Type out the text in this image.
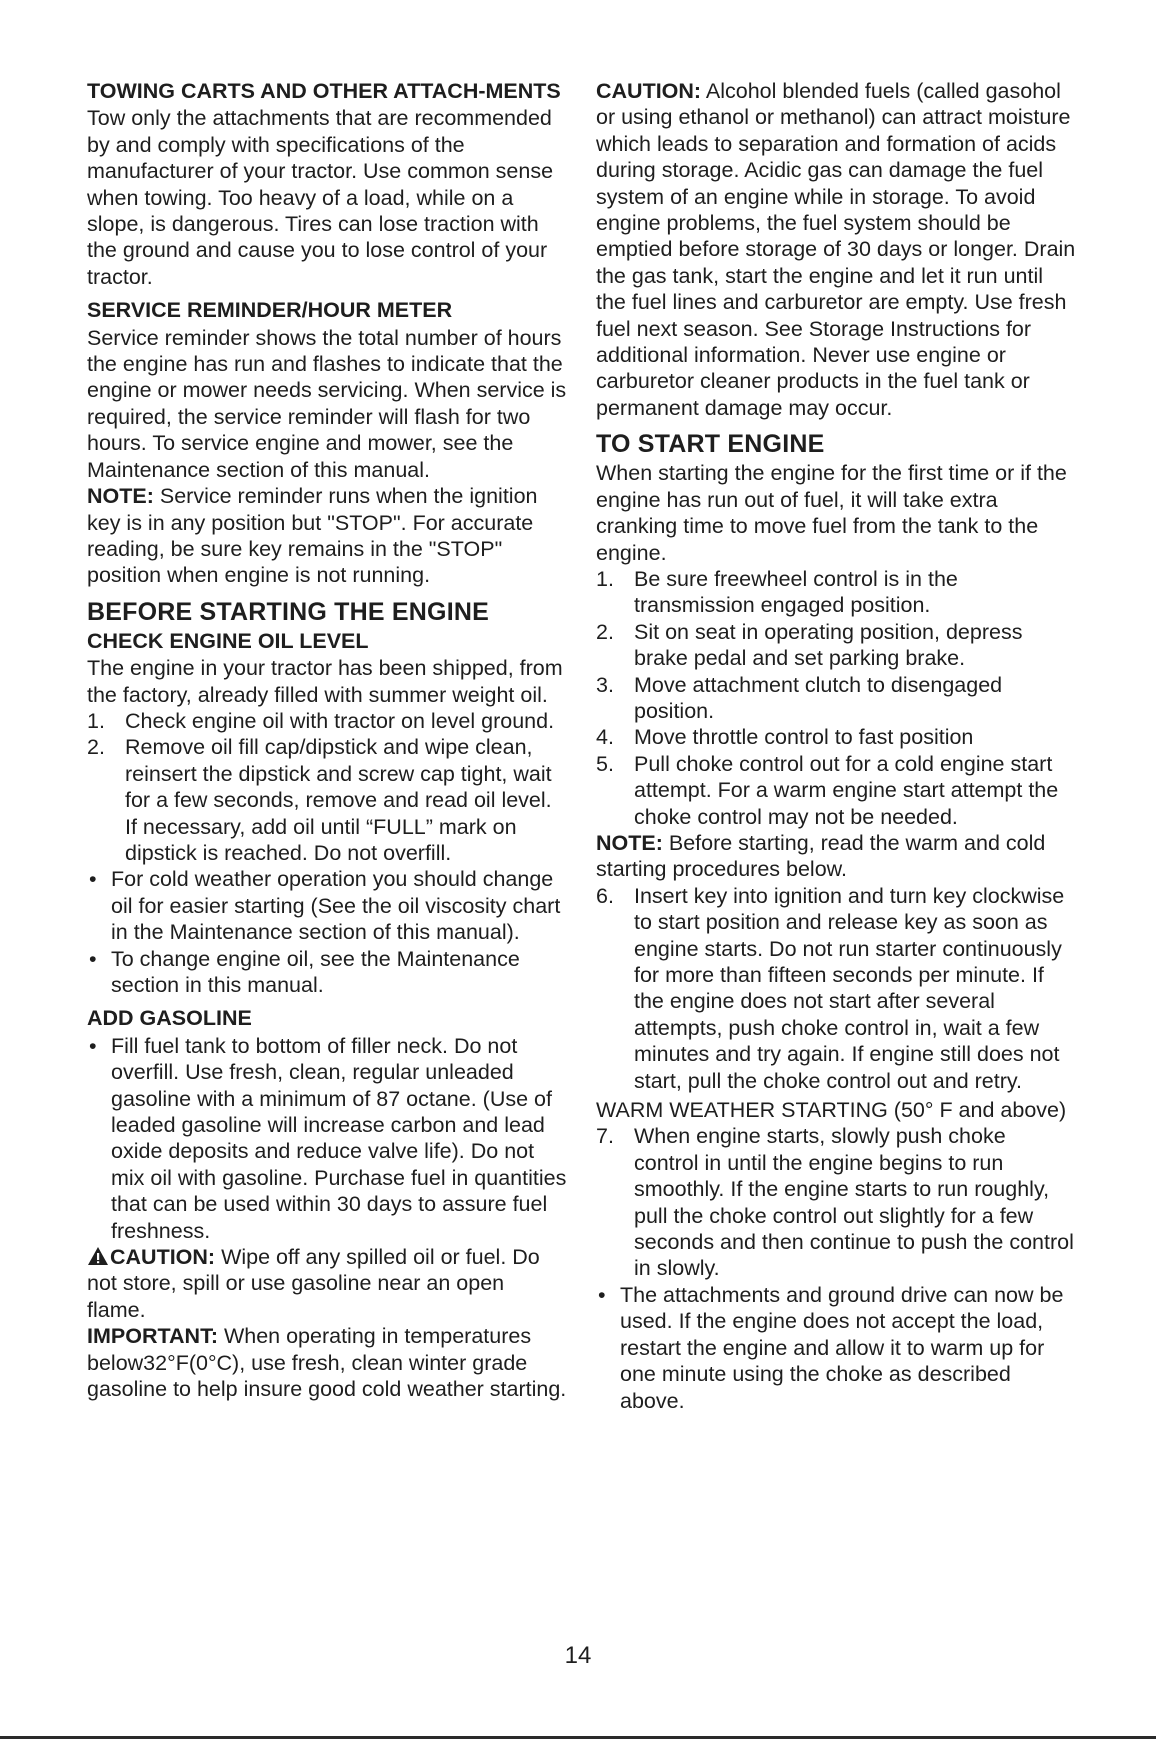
TOWING CARTS AND OTHER ATTACH-MENTS

Tow only the attachments that are recommended by and comply with specifications of the manufacturer of your tractor. Use common sense when towing. Too heavy of a load, while on a slope, is dangerous. Tires can lose traction with the ground and cause you to lose control of your tractor.

SERVICE REMINDER/HOUR METER

Service reminder shows the total number of hours the engine has run and flashes to indicate that the engine or mower needs servicing. When service is required, the service reminder will flash for two hours. To service engine and mower, see the Maintenance section of this manual.

NOTE: Service reminder runs when the ignition key is in any position but "STOP". For accurate reading, be sure key remains in the "STOP" position when engine is not running.

BEFORE STARTING THE ENGINE
CHECK ENGINE OIL LEVEL

The engine in your tractor has been shipped, from the factory, already filled with summer weight oil.

1. Check engine oil with tractor on level ground.
2. Remove oil fill cap/dipstick and wipe clean, reinsert the dipstick and screw cap tight, wait for a few seconds, remove and read oil level. If necessary, add oil until “FULL” mark on dipstick is reached. Do not overfill.
• For cold weather operation you should change oil for easier starting (See the oil viscosity chart in the Maintenance section of this manual).
• To change engine oil, see the Maintenance section in this manual.
ADD GASOLINE
• Fill fuel tank to bottom of filler neck. Do not overfill. Use fresh, clean, regular unleaded gasoline with a minimum of 87 octane. (Use of leaded gasoline will increase carbon and lead oxide deposits and reduce valve life). Do not mix oil with gasoline. Purchase fuel in quantities that can be used within 30 days to assure fuel freshness.

CAUTION: Wipe off any spilled oil or fuel. Do not store, spill or use gasoline near an open flame.

IMPORTANT: When operating in temperatures below32°F(0°C), use fresh, clean winter grade gasoline to help insure good cold weather starting.

CAUTION: Alcohol blended fuels (called gasohol or using ethanol or methanol) can attract moisture which leads to separation and formation of acids during storage. Acidic gas can damage the fuel system of an engine while in storage. To avoid engine problems, the fuel system should be emptied before storage of 30 days or longer. Drain the gas tank, start the engine and let it run until the fuel lines and carburetor are empty. Use fresh fuel next season. See Storage Instructions for additional information. Never use engine or carburetor cleaner products in the fuel tank or permanent damage may occur.

TO START ENGINE

When starting the engine for the first time or if the engine has run out of fuel, it will take extra cranking time to move fuel from the tank to the engine.

1. Be sure freewheel control is in the transmission engaged position.
2. Sit on seat in operating position, depress brake pedal and set parking brake.
3. Move attachment clutch to disengaged position.
4. Move throttle control to fast position
5. Pull choke control out for a cold engine start attempt. For a warm engine start attempt the choke control may not be needed.

NOTE: Before starting, read the warm and cold starting procedures below.

6. Insert key into ignition and turn key clockwise to start position and release key as soon as engine starts. Do not run starter continuously for more than fifteen seconds per minute. If the engine does not start after several attempts, push choke control in, wait a few minutes and try again. If engine still does not start, pull the choke control out and retry.

WARM WEATHER STARTING (50° F and above)

7. When engine starts, slowly push choke control in until the engine begins to run smoothly. If the engine starts to run roughly, pull the choke control out slightly for a few seconds and then continue to push the control in slowly.
• The attachments and ground drive can now be used. If the engine does not accept the load, restart the engine and allow it to warm up for one minute using the choke as described above.
14
